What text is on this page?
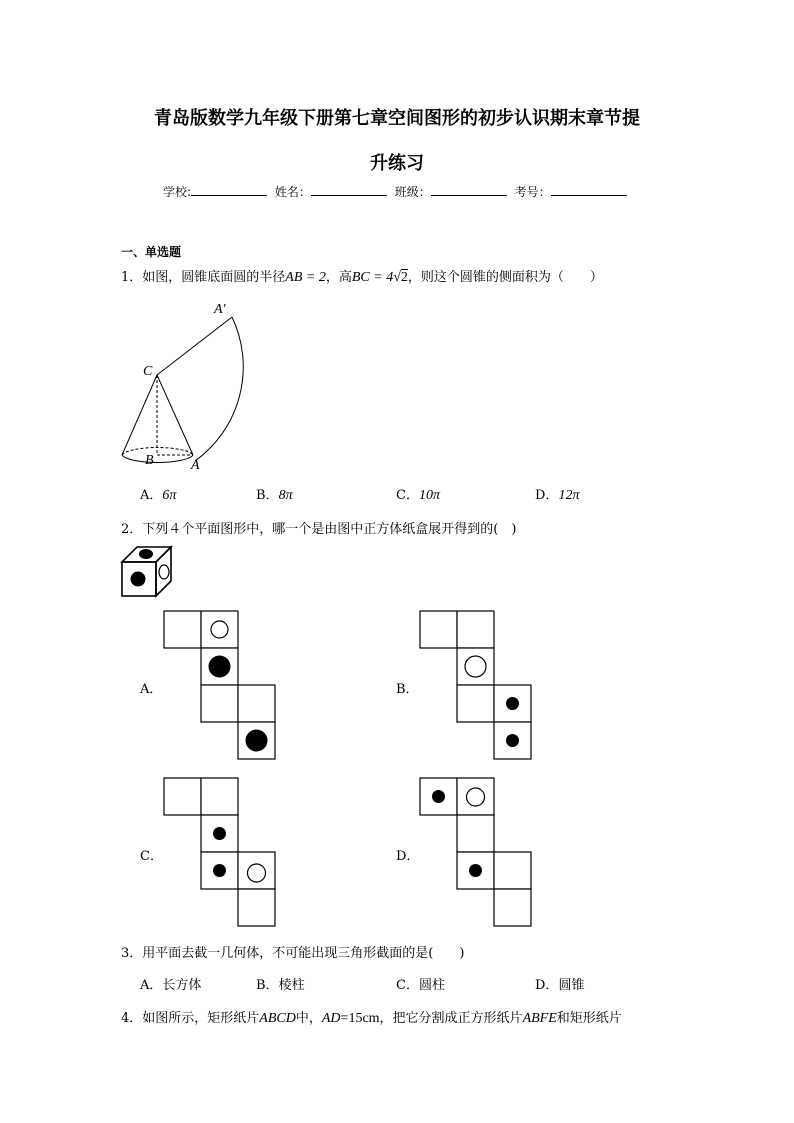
青岛版数学九年级下册第七章空间图形的初步认识期末章节提
升练习
学校:	姓名：	班级：	考号：
一、单选题
1．如图，圆锥底面圆的半径AB = 2，高BC = 4√2，则这个圆锥的侧面积为（　　）
A′
C
B	A
A．6π	B．8π	C．10π	D．12π
2．下列４个平面图形中，哪一个是由图中正方体纸盒展开得到的(　)
A．	B．
C．	D．
3．用平面去截一几何体，不可能出现三角形截面的是(　　)
A．长方体	B．棱柱	C．圆柱	D．圆锥
4．如图所示，矩形纸片ABCD中，AD=15cm，把它分割成正方形纸片ABFE和矩形纸片
